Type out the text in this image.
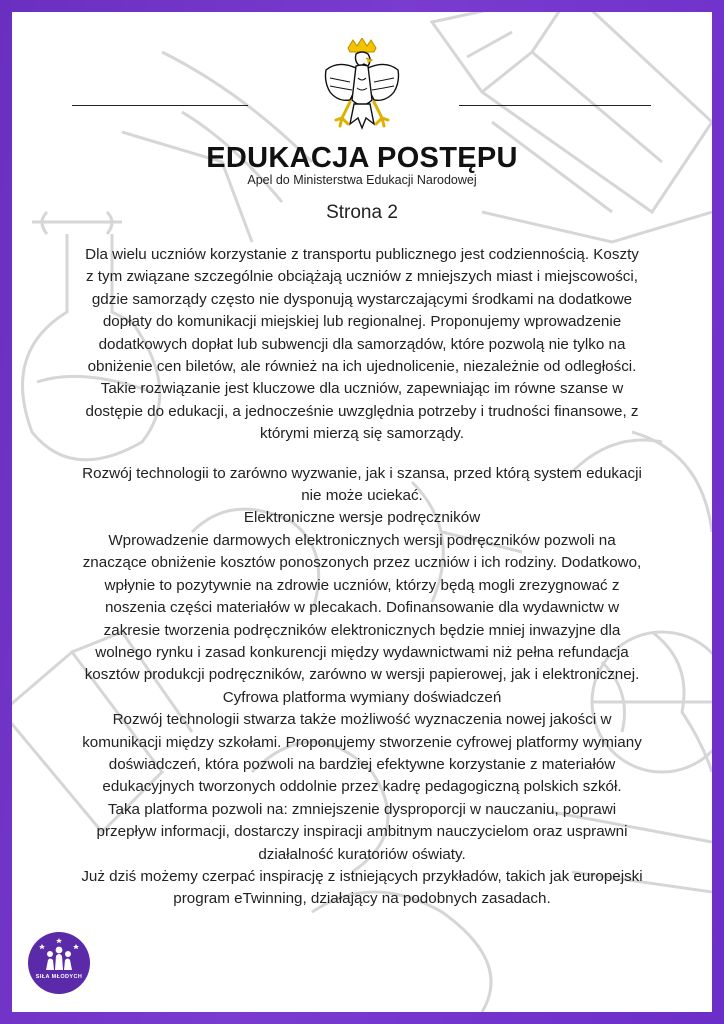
EDUKACJA POSTĘPU
Apel do Ministerstwa Edukacji Narodowej
Strona 2

Dla wielu uczniów korzystanie z transportu publicznego jest codziennością. Koszty z tym związane szczególnie obciążają uczniów z mniejszych miast i miejscowości, gdzie samorządy często nie dysponują wystarczającymi środkami na dodatkowe dopłaty do komunikacji miejskiej lub regionalnej. Proponujemy wprowadzenie dodatkowych dopłat lub subwencji dla samorządów, które pozwolą nie tylko na obniżenie cen biletów, ale również na ich ujednolicenie, niezależnie od odległości. Takie rozwiązanie jest kluczowe dla uczniów, zapewniając im równe szanse w dostępie do edukacji, a jednocześnie uwzględnia potrzeby i trudności finansowe, z którymi mierzą się samorządy.

Rozwój technologii to zarówno wyzwanie, jak i szansa, przed którą system edukacji nie może uciekać.

Elektroniczne wersje podręczników

Wprowadzenie darmowych elektronicznych wersji podręczników pozwoli na znaczące obniżenie kosztów ponoszonych przez uczniów i ich rodziny. Dodatkowo, wpłynie to pozytywnie na zdrowie uczniów, którzy będą mogli zrezygnować z noszenia części materiałów w plecakach. Dofinansowanie dla wydawnictw w zakresie tworzenia podręczników elektronicznych będzie mniej inwazyjne dla wolnego rynku i zasad konkurencji między wydawnictwami niż pełna refundacja kosztów produkcji podręczników, zarówno w wersji papierowej, jak i elektronicznej.

Cyfrowa platforma wymiany doświadczeń

Rozwój technologii stwarza także możliwość wyznaczenia nowej jakości w komunikacji między szkołami. Proponujemy stworzenie cyfrowej platformy wymiany doświadczeń, która pozwoli na bardziej efektywne korzystanie z materiałów edukacyjnych tworzonych oddolnie przez kadrę pedagogiczną polskich szkół.

Taka platforma pozwoli na: zmniejszenie dysproporcji w nauczaniu, poprawi przepływ informacji, dostarczy inspiracji ambitnym nauczycielom oraz usprawni działalność kuratoriów oświaty.

Już dziś możemy czerpać inspirację z istniejących przykładów, takich jak europejski program eTwinning, działający na podobnych zasadach.

SIŁA MŁODYCH
